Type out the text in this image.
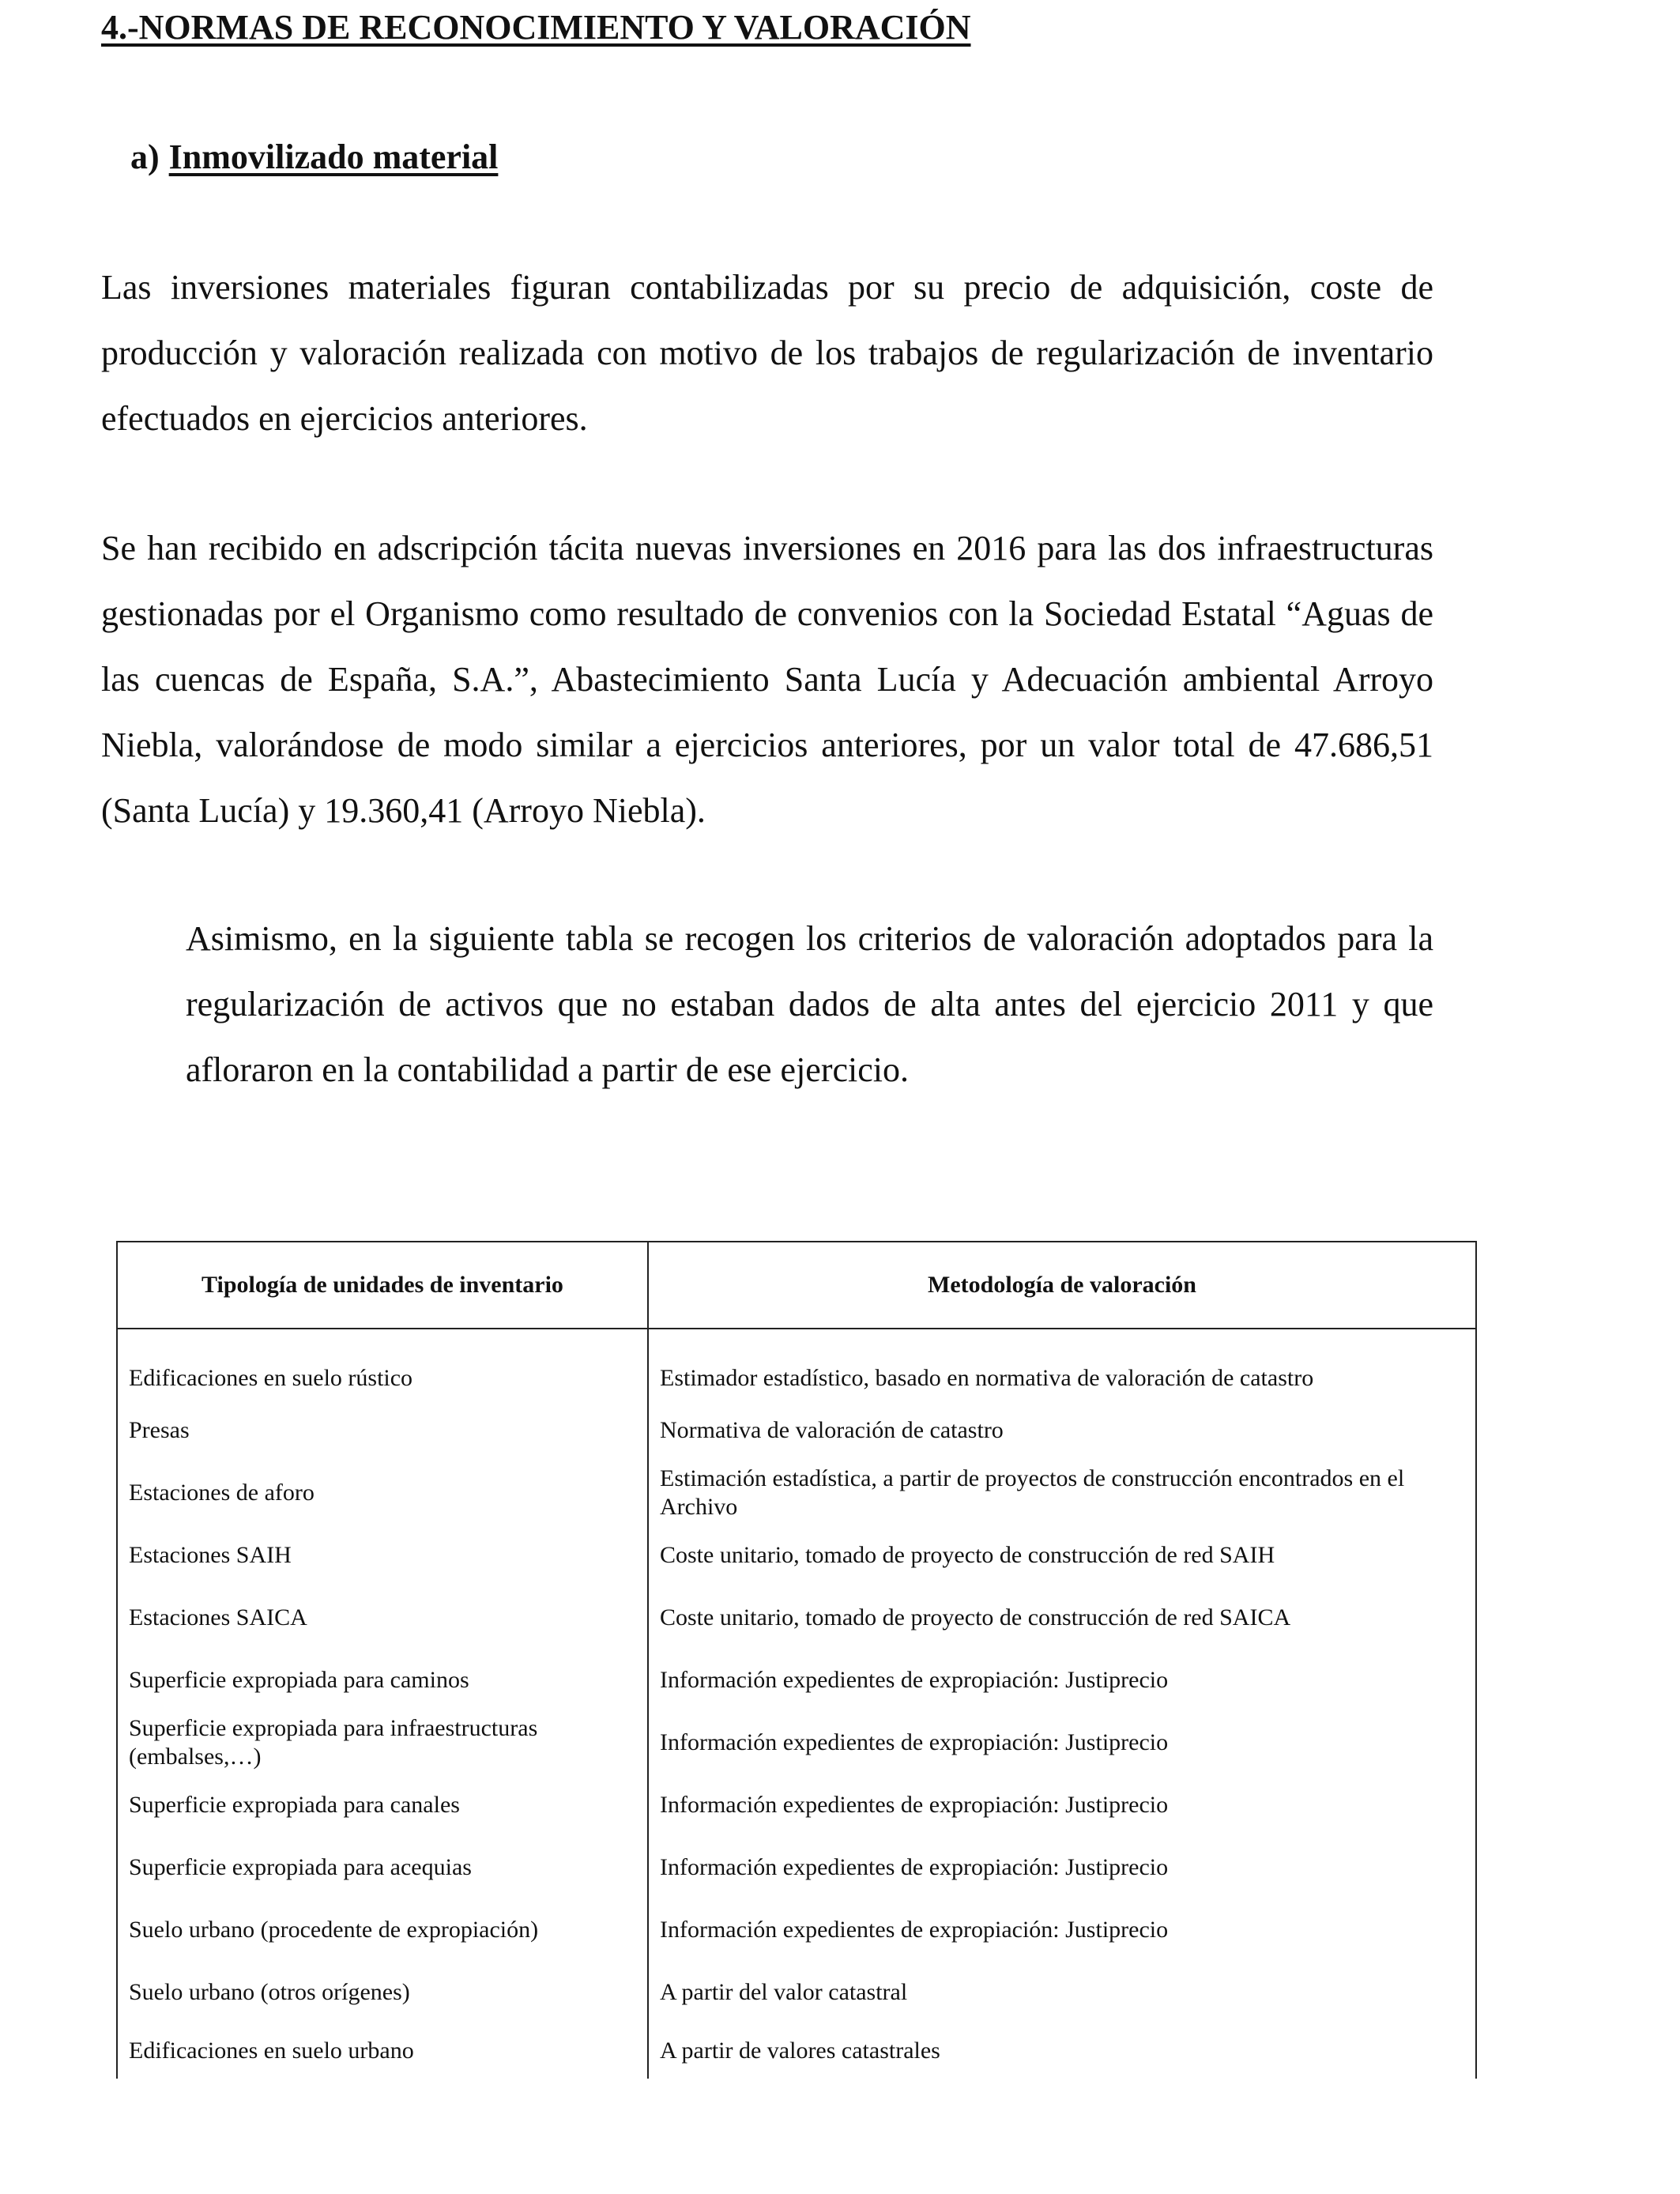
4.-NORMAS DE RECONOCIMIENTO Y VALORACIÓN
a) Inmovilizado material

Las inversiones materiales figuran contabilizadas por su precio de adquisición, coste de producción y valoración realizada con motivo de los trabajos de regularización de inventario efectuados en ejercicios anteriores.

Se han recibido en adscripción tácita nuevas inversiones en 2016 para las dos infraestructuras gestionadas por el Organismo como resultado de convenios con la Sociedad Estatal “Aguas de las cuencas de España, S.A.”, Abastecimiento Santa Lucía y Adecuación ambiental Arroyo Niebla, valorándose de modo similar a ejercicios anteriores, por un valor total de 47.686,51 (Santa Lucía) y 19.360,41 (Arroyo Niebla).

Asimismo, en la siguiente tabla se recogen los criterios de valoración adoptados para la regularización de activos que no estaban dados de alta antes del ejercicio 2011 y que afloraron en la contabilidad a partir de ese ejercicio.

Tipología de unidades de inventario	Metodología de valoración
Edificaciones en suelo rústico	Estimador estadístico, basado en normativa de valoración de catastro
Presas	Normativa de valoración de catastro
Estaciones de aforo	Estimación estadística, a partir de proyectos de construcción encontrados en el Archivo
Estaciones SAIH	Coste unitario, tomado de proyecto de construcción de red SAIH
Estaciones SAICA	Coste unitario, tomado de proyecto de construcción de red SAICA
Superficie expropiada para caminos	Información expedientes de expropiación: Justiprecio
Superficie expropiada para infraestructuras (embalses,…)	Información expedientes de expropiación: Justiprecio
Superficie expropiada para canales	Información expedientes de expropiación: Justiprecio
Superficie expropiada para acequias	Información expedientes de expropiación: Justiprecio
Suelo urbano (procedente de expropiación)	Información expedientes de expropiación: Justiprecio
Suelo urbano (otros orígenes)	A partir del valor catastral
Edificaciones en suelo urbano	A partir de valores catastrales
